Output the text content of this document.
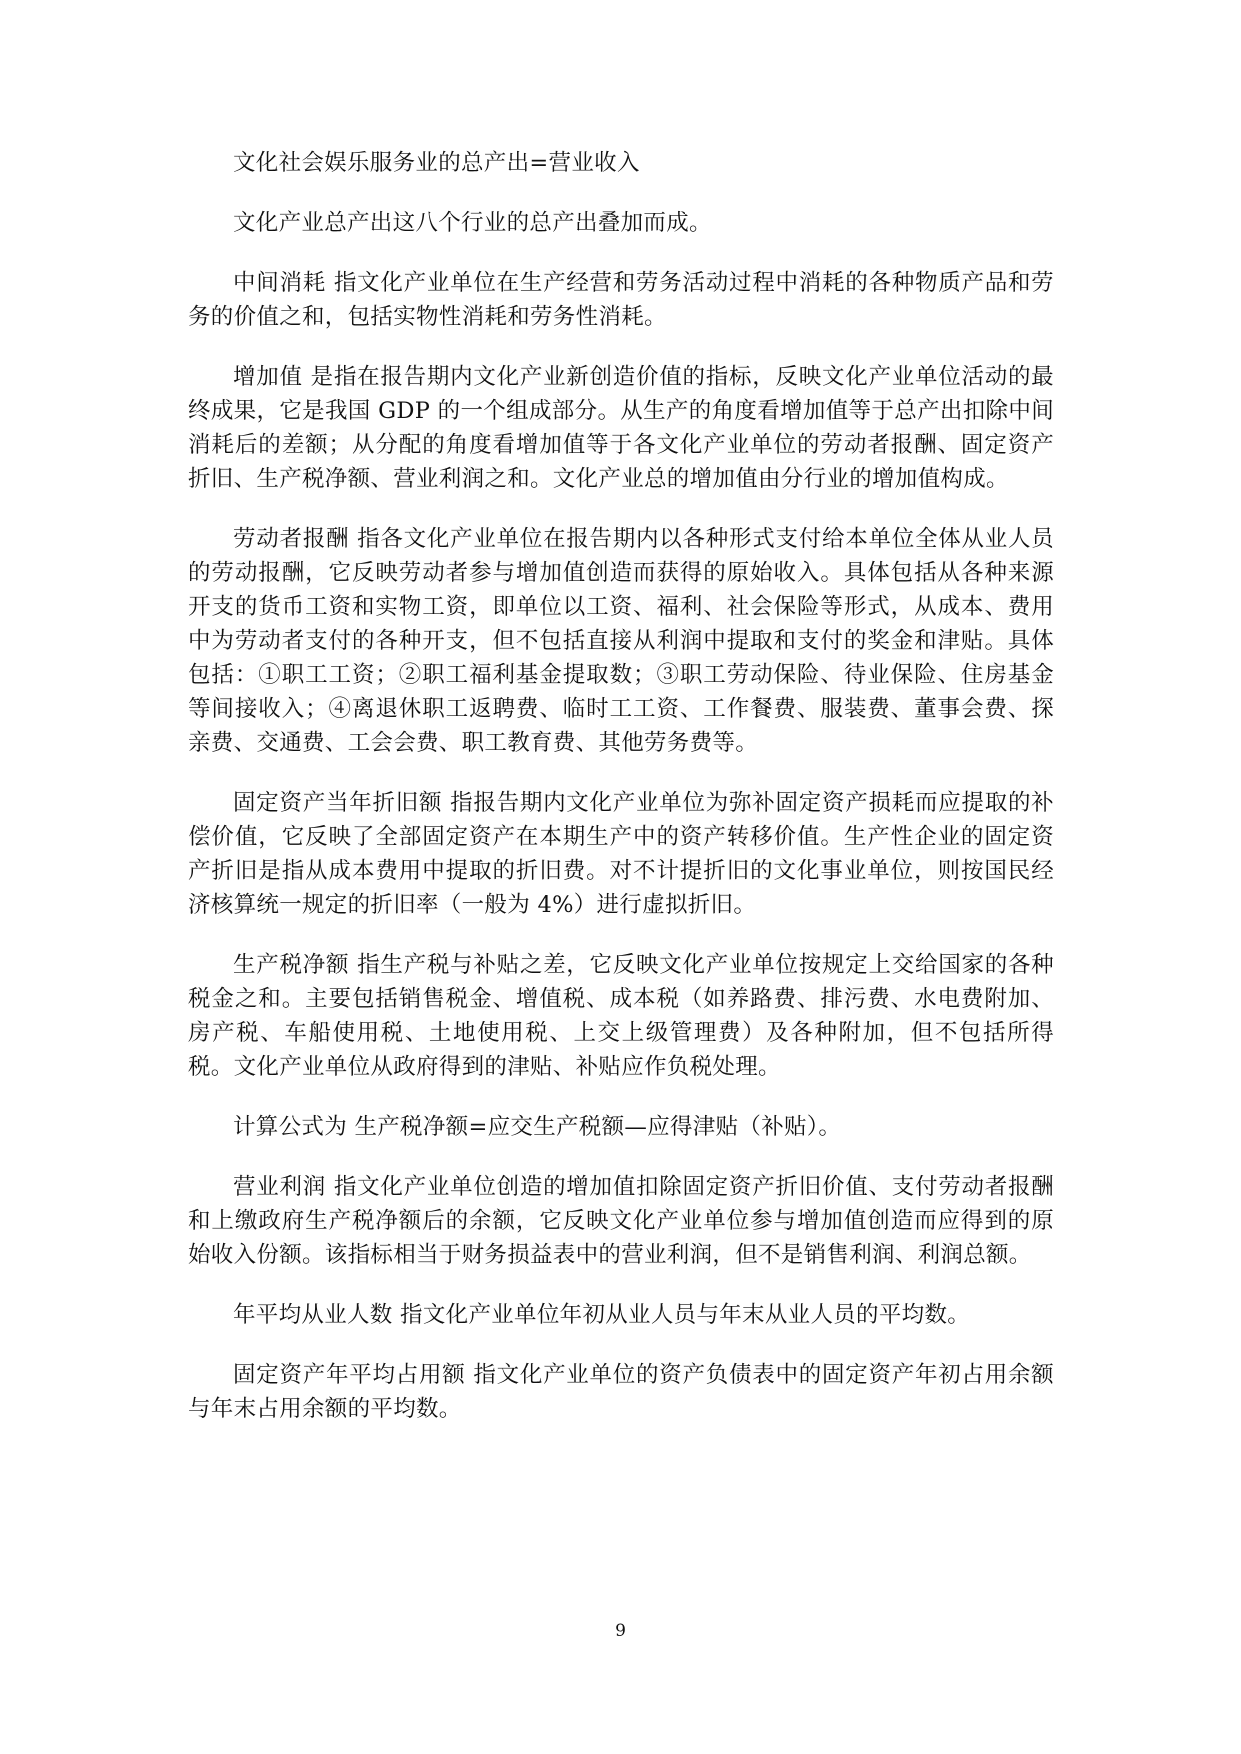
文化社会娱乐服务业的总产出=营业收入

文化产业总产出这八个行业的总产出叠加而成。

中间消耗 指文化产业单位在生产经营和劳务活动过程中消耗的各种物质产品和劳务的价值之和，包括实物性消耗和劳务性消耗。

增加值 是指在报告期内文化产业新创造价值的指标，反映文化产业单位活动的最终成果，它是我国 GDP 的一个组成部分。从生产的角度看增加值等于总产出扣除中间消耗后的差额；从分配的角度看增加值等于各文化产业单位的劳动者报酬、固定资产折旧、生产税净额、营业利润之和。文化产业总的增加值由分行业的增加值构成。

劳动者报酬 指各文化产业单位在报告期内以各种形式支付给本单位全体从业人员的劳动报酬，它反映劳动者参与增加值创造而获得的原始收入。具体包括从各种来源开支的货币工资和实物工资，即单位以工资、福利、社会保险等形式，从成本、费用中为劳动者支付的各种开支，但不包括直接从利润中提取和支付的奖金和津贴。具体包括：①职工工资；②职工福利基金提取数；③职工劳动保险、待业保险、住房基金等间接收入；④离退休职工返聘费、临时工工资、工作餐费、服装费、董事会费、探亲费、交通费、工会会费、职工教育费、其他劳务费等。

固定资产当年折旧额 指报告期内文化产业单位为弥补固定资产损耗而应提取的补偿价值，它反映了全部固定资产在本期生产中的资产转移价值。生产性企业的固定资产折旧是指从成本费用中提取的折旧费。对不计提折旧的文化事业单位，则按国民经济核算统一规定的折旧率（一般为 4%）进行虚拟折旧。

生产税净额 指生产税与补贴之差，它反映文化产业单位按规定上交给国家的各种税金之和。主要包括销售税金、增值税、成本税（如养路费、排污费、水电费附加、房产税、车船使用税、土地使用税、上交上级管理费）及各种附加，但不包括所得税。文化产业单位从政府得到的津贴、补贴应作负税处理。

计算公式为 生产税净额=应交生产税额—应得津贴（补贴）。

营业利润 指文化产业单位创造的增加值扣除固定资产折旧价值、支付劳动者报酬和上缴政府生产税净额后的余额，它反映文化产业单位参与增加值创造而应得到的原始收入份额。该指标相当于财务损益表中的营业利润，但不是销售利润、利润总额。

年平均从业人数 指文化产业单位年初从业人员与年末从业人员的平均数。

固定资产年平均占用额 指文化产业单位的资产负债表中的固定资产年初占用余额与年末占用余额的平均数。

9
